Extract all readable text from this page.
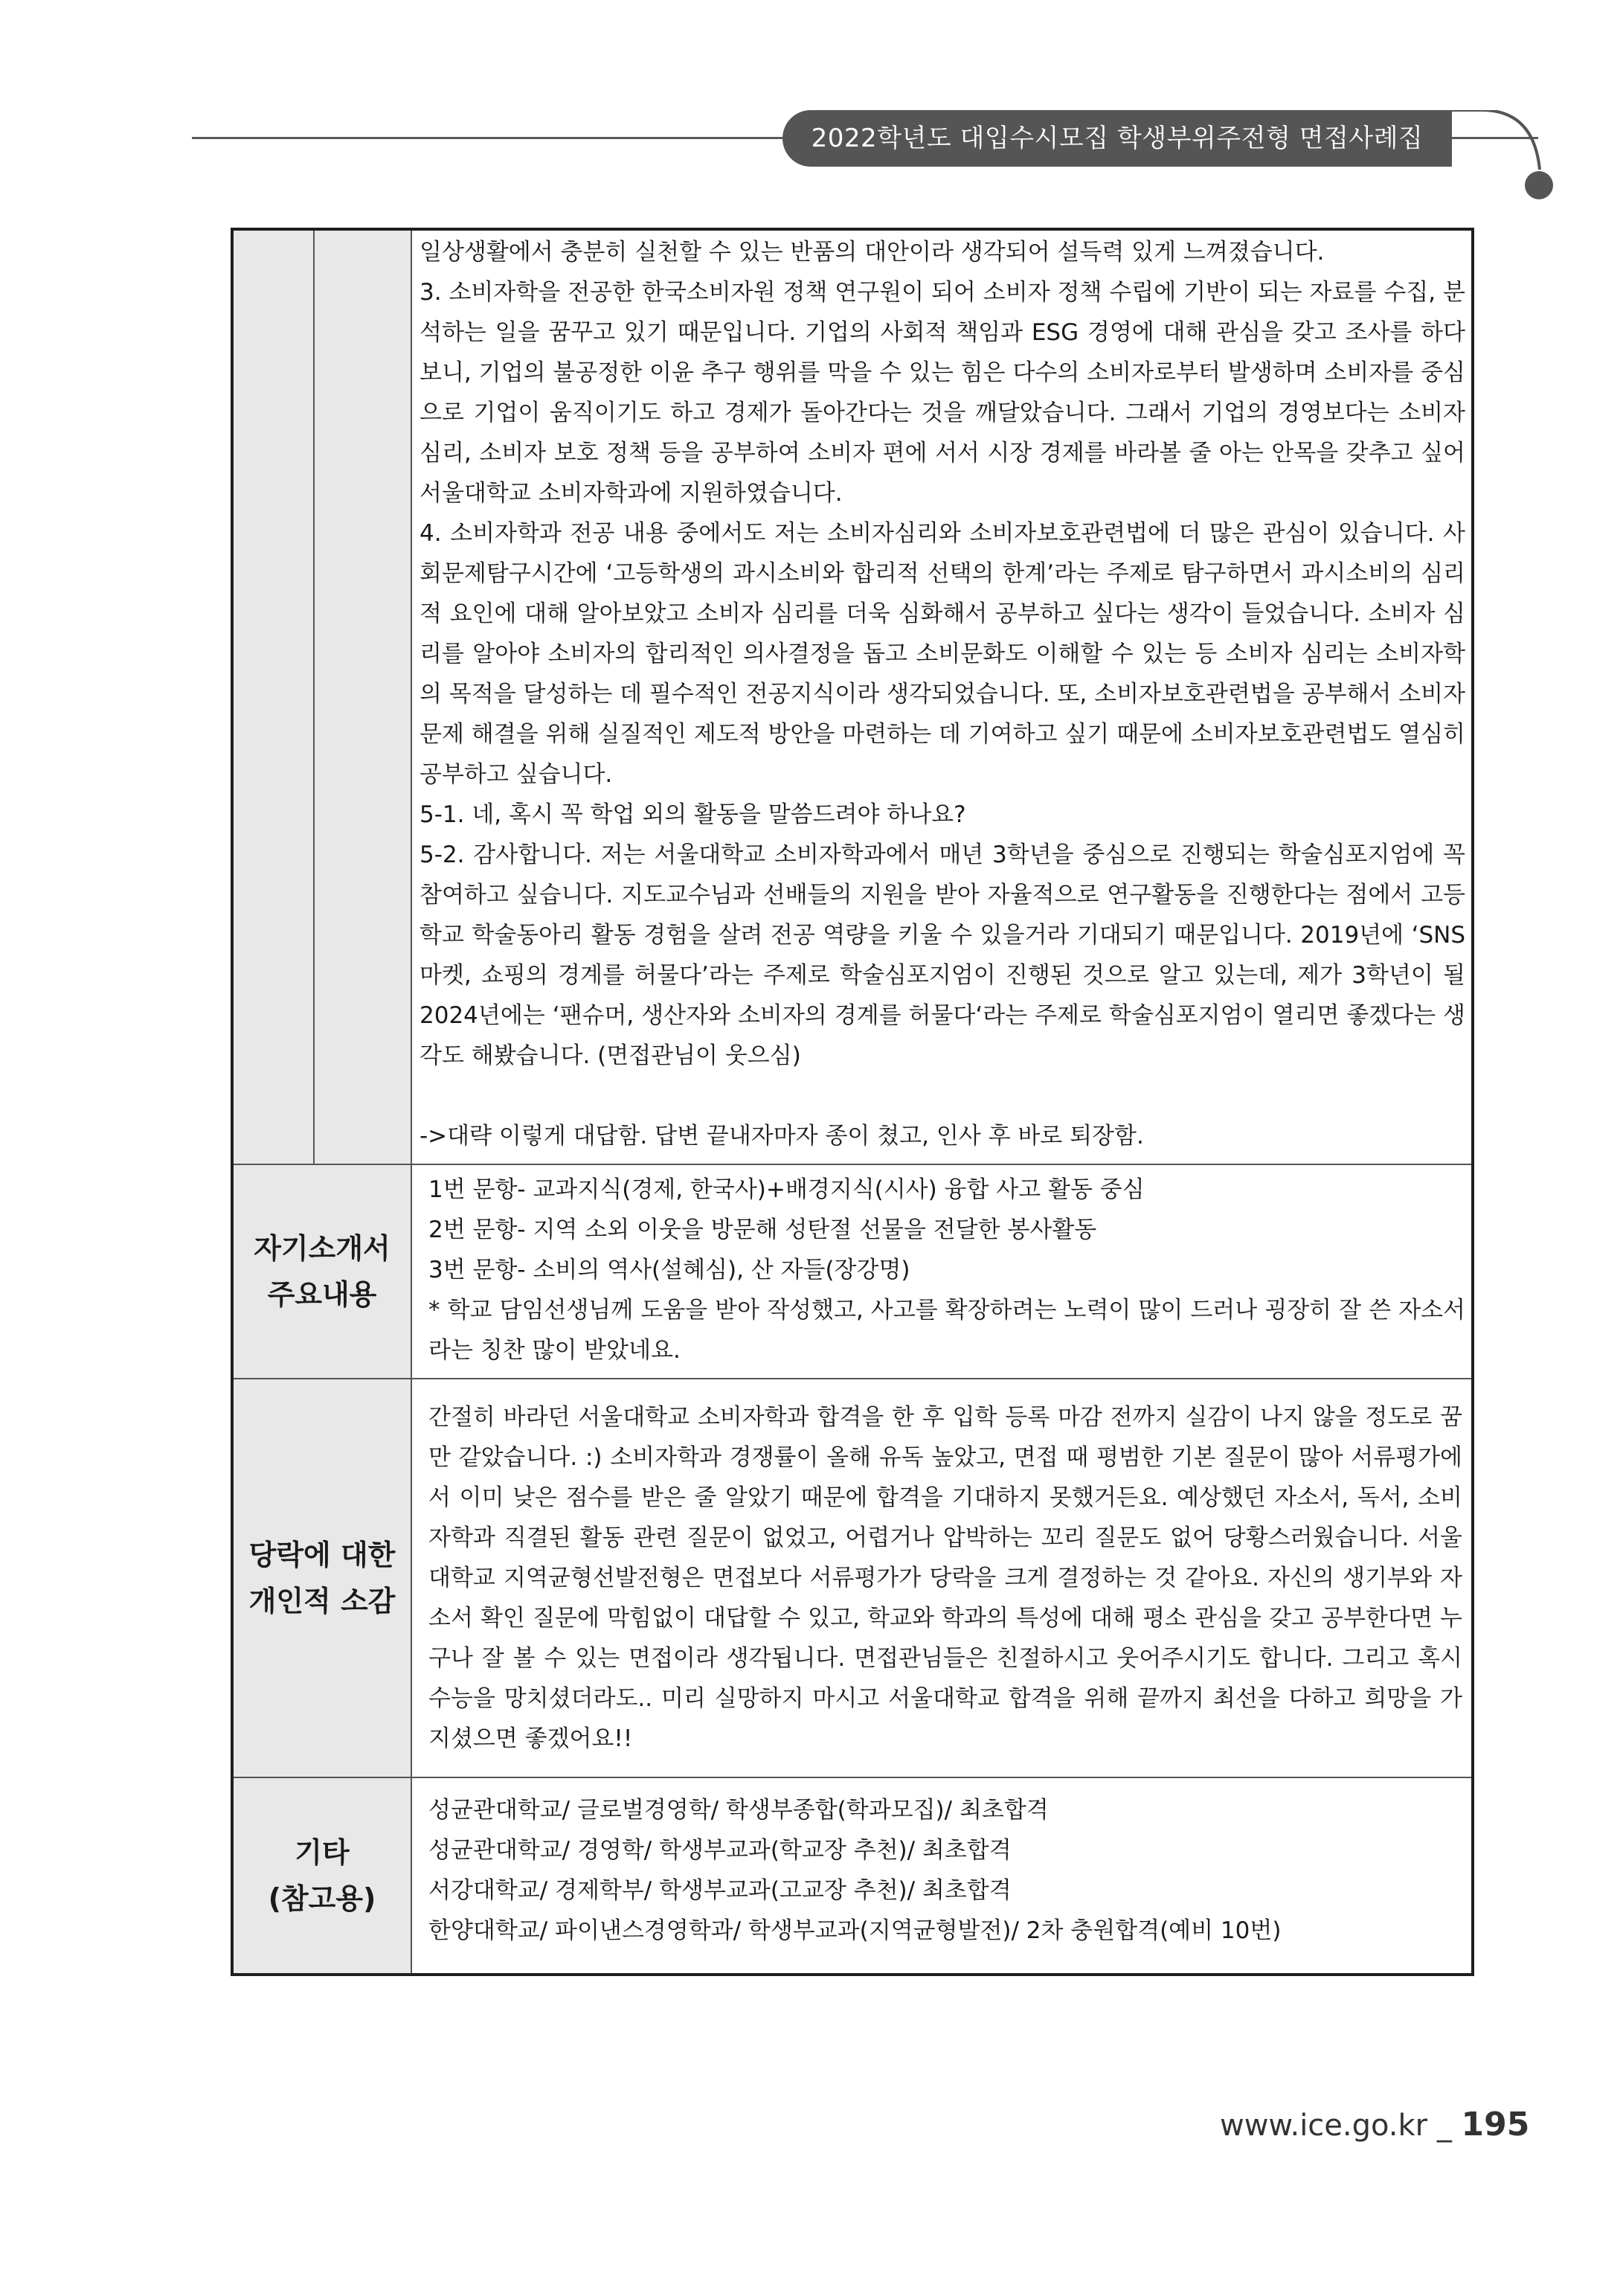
2022학년도 대입수시모집 학생부위주전형 면접사례집

일상생활에서 충분히 실천할 수 있는 반품의 대안이라 생각되어 설득력 있게 느껴졌습니다.

3. 소비자학을 전공한 한국소비자원 정책 연구원이 되어 소비자 정책 수립에 기반이 되는 자료를 수집, 분석하는 일을 꿈꾸고 있기 때문입니다. 기업의 사회적 책임과 ESG 경영에 대해 관심을 갖고 조사를 하다 보니, 기업의 불공정한 이윤 추구 행위를 막을 수 있는 힘은 다수의 소비자로부터 발생하며 소비자를 중심으로 기업이 움직이기도 하고 경제가 돌아간다는 것을 깨달았습니다. 그래서 기업의 경영보다는 소비자 심리, 소비자 보호 정책 등을 공부하여 소비자 편에 서서 시장 경제를 바라볼 줄 아는 안목을 갖추고 싶어 서울대학교 소비자학과에 지원하였습니다.

4. 소비자학과 전공 내용 중에서도 저는 소비자심리와 소비자보호관련법에 더 많은 관심이 있습니다. 사회문제탐구시간에 ‘고등학생의 과시소비와 합리적 선택의 한계’라는 주제로 탐구하면서 과시소비의 심리적 요인에 대해 알아보았고 소비자 심리를 더욱 심화해서 공부하고 싶다는 생각이 들었습니다. 소비자 심리를 알아야 소비자의 합리적인 의사결정을 돕고 소비문화도 이해할 수 있는 등 소비자 심리는 소비자학의 목적을 달성하는 데 필수적인 전공지식이라 생각되었습니다. 또, 소비자보호관련법을 공부해서 소비자 문제 해결을 위해 실질적인 제도적 방안을 마련하는 데 기여하고 싶기 때문에 소비자보호관련법도 열심히 공부하고 싶습니다.

5-1. 네, 혹시 꼭 학업 외의 활동을 말씀드려야 하나요?

5-2. 감사합니다. 저는 서울대학교 소비자학과에서 매년 3학년을 중심으로 진행되는 학술심포지엄에 꼭 참여하고 싶습니다. 지도교수님과 선배들의 지원을 받아 자율적으로 연구활동을 진행한다는 점에서 고등학교 학술동아리 활동 경험을 살려 전공 역량을 키울 수 있을거라 기대되기 때문입니다. 2019년에 ‘SNS 마켓, 쇼핑의 경계를 허물다’라는 주제로 학술심포지엄이 진행된 것으로 알고 있는데, 제가 3학년이 될 2024년에는 ‘팬슈머, 생산자와 소비자의 경계를 허물다‘라는 주제로 학술심포지엄이 열리면 좋겠다는 생각도 해봤습니다. (면접관님이 웃으심)

->대략 이렇게 대답함. 답변 끝내자마자 종이 쳤고, 인사 후 바로 퇴장함.

자기소개서
주요내용

1번 문항- 교과지식(경제, 한국사)+배경지식(시사) 융합 사고 활동 중심

2번 문항- 지역 소외 이웃을 방문해 성탄절 선물을 전달한 봉사활동

3번 문항- 소비의 역사(설혜심), 산 자들(장강명)

* 학교 담임선생님께 도움을 받아 작성했고, 사고를 확장하려는 노력이 많이 드러나 굉장히 잘 쓴 자소서라는 칭찬 많이 받았네요.

당락에 대한
개인적 소감

간절히 바라던 서울대학교 소비자학과 합격을 한 후 입학 등록 마감 전까지 실감이 나지 않을 정도로 꿈만 같았습니다. :) 소비자학과 경쟁률이 올해 유독 높았고, 면접 때 평범한 기본 질문이 많아 서류평가에서 이미 낮은 점수를 받은 줄 알았기 때문에 합격을 기대하지 못했거든요. 예상했던 자소서, 독서, 소비자학과 직결된 활동 관련 질문이 없었고, 어렵거나 압박하는 꼬리 질문도 없어 당황스러웠습니다. 서울대학교 지역균형선발전형은 면접보다 서류평가가 당락을 크게 결정하는 것 같아요. 자신의 생기부와 자소서 확인 질문에 막힘없이 대답할 수 있고, 학교와 학과의 특성에 대해 평소 관심을 갖고 공부한다면 누구나 잘 볼 수 있는 면접이라 생각됩니다. 면접관님들은 친절하시고 웃어주시기도 합니다. 그리고 혹시 수능을 망치셨더라도.. 미리 실망하지 마시고 서울대학교 합격을 위해 끝까지 최선을 다하고 희망을 가지셨으면 좋겠어요!!

기타
(참고용)

성균관대학교/ 글로벌경영학/ 학생부종합(학과모집)/ 최초합격

성균관대학교/ 경영학/ 학생부교과(학교장 추천)/ 최초합격

서강대학교/ 경제학부/ 학생부교과(고교장 추천)/ 최초합격

한양대학교/ 파이낸스경영학과/ 학생부교과(지역균형발전)/ 2차 충원합격(예비 10번)

www.ice.go.kr _ 195
